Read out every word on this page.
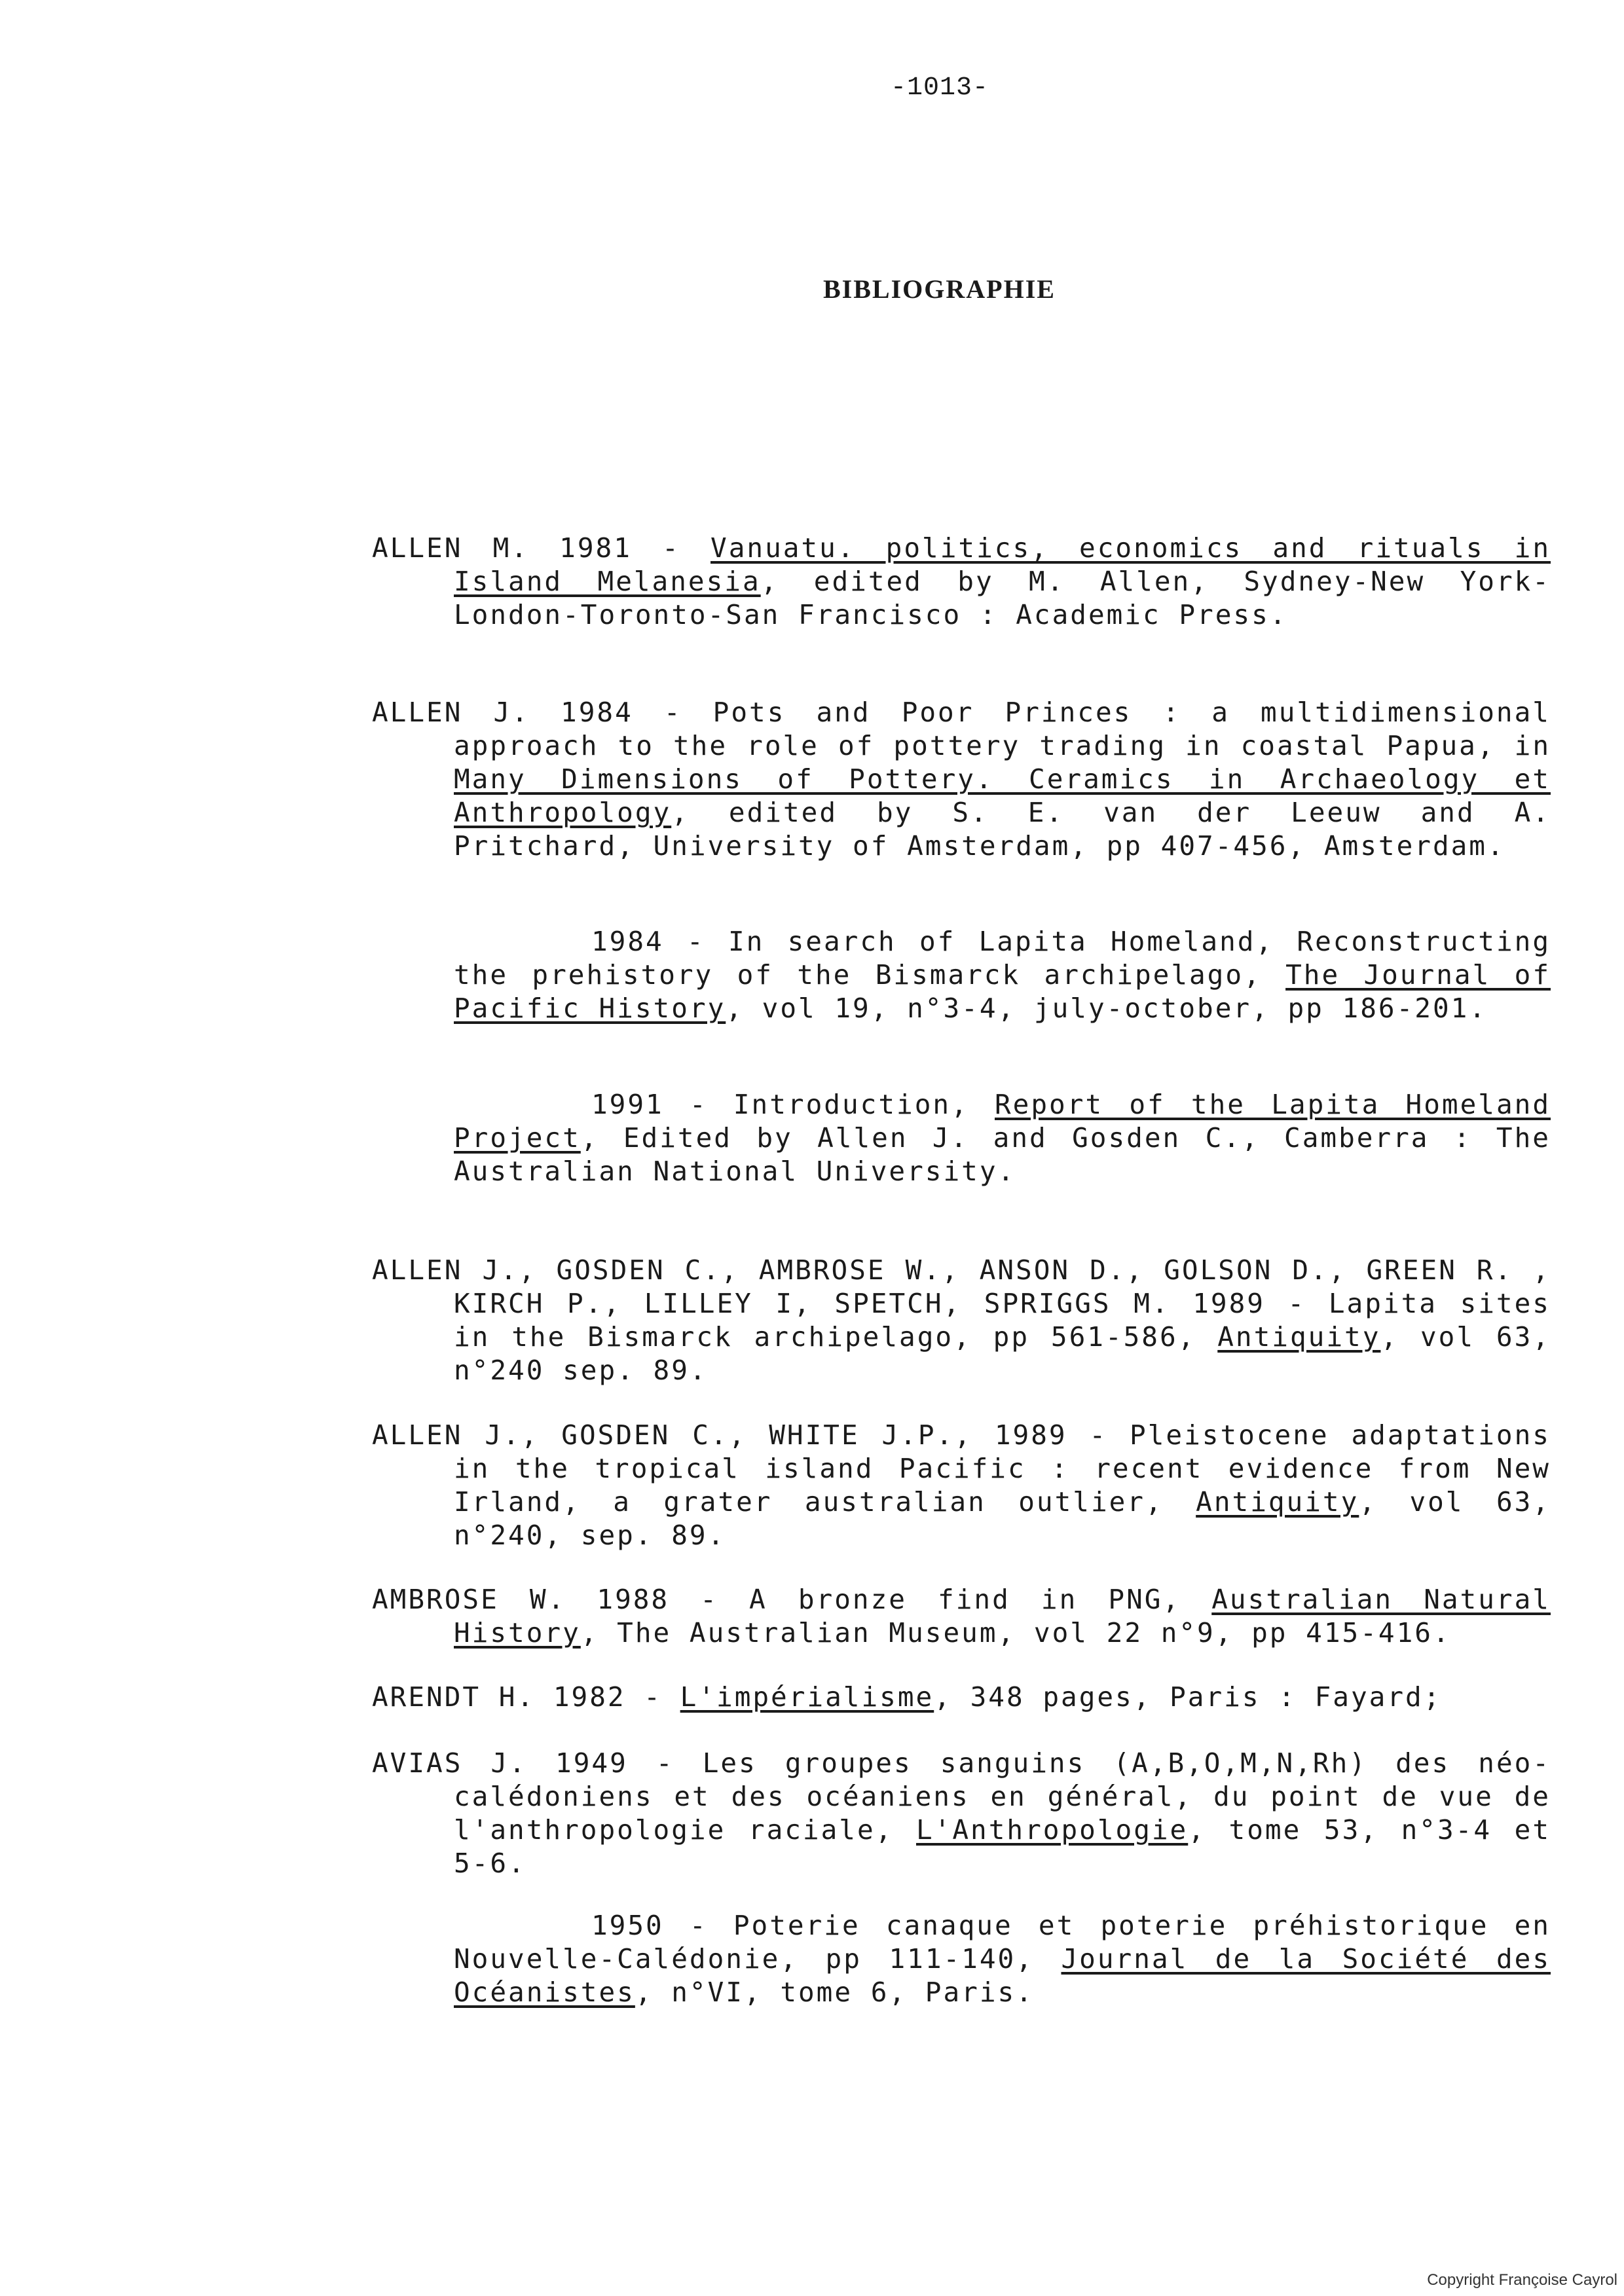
-1013-
BIBLIOGRAPHIE
ALLEN M. 1981 - Vanuatu. politics, economics and rituals in Island Melanesia, edited by M. Allen, Sydney-New York-London-Toronto-San Francisco : Academic Press.
ALLEN J. 1984 - Pots and Poor Princes : a multidimensional approach to the role of pottery trading in coastal Papua, in Many Dimensions of Pottery. Ceramics in Archaeology et Anthropology, edited by S. E. van der Leeuw and A. Pritchard, University of Amsterdam, pp 407-456, Amsterdam.
1984 - In search of Lapita Homeland, Reconstructing the prehistory of the Bismarck archipelago, The Journal of Pacific History, vol 19, n°3-4, july-october, pp 186-201.
1991 - Introduction, Report of the Lapita Homeland Project, Edited by Allen J. and Gosden C., Camberra : The Australian National University.
ALLEN J., GOSDEN C., AMBROSE W., ANSON D., GOLSON D., GREEN R. , KIRCH P., LILLEY I, SPETCH, SPRIGGS M. 1989 - Lapita sites in the Bismarck archipelago, pp 561-586, Antiquity, vol 63, n°240 sep. 89.
ALLEN J., GOSDEN C., WHITE J.P., 1989 - Pleistocene adaptations in the tropical island Pacific : recent evidence from New Irland, a grater australian outlier, Antiquity, vol 63, n°240, sep. 89.
AMBROSE W. 1988 - A bronze find in PNG, Australian Natural History, The Australian Museum, vol 22 n°9, pp 415-416.
ARENDT H. 1982 - L'impérialisme, 348 pages, Paris : Fayard;
AVIAS J. 1949 - Les groupes sanguins (A,B,O,M,N,Rh) des néo-calédoniens et des océaniens en général, du point de vue de l'anthropologie raciale, L'Anthropologie, tome 53, n°3-4 et 5-6.
1950 - Poterie canaque et poterie préhistorique en Nouvelle-Calédonie, pp 111-140, Journal de la Société des Océanistes, n°VI, tome 6, Paris.
Copyright Françoise Cayrol
